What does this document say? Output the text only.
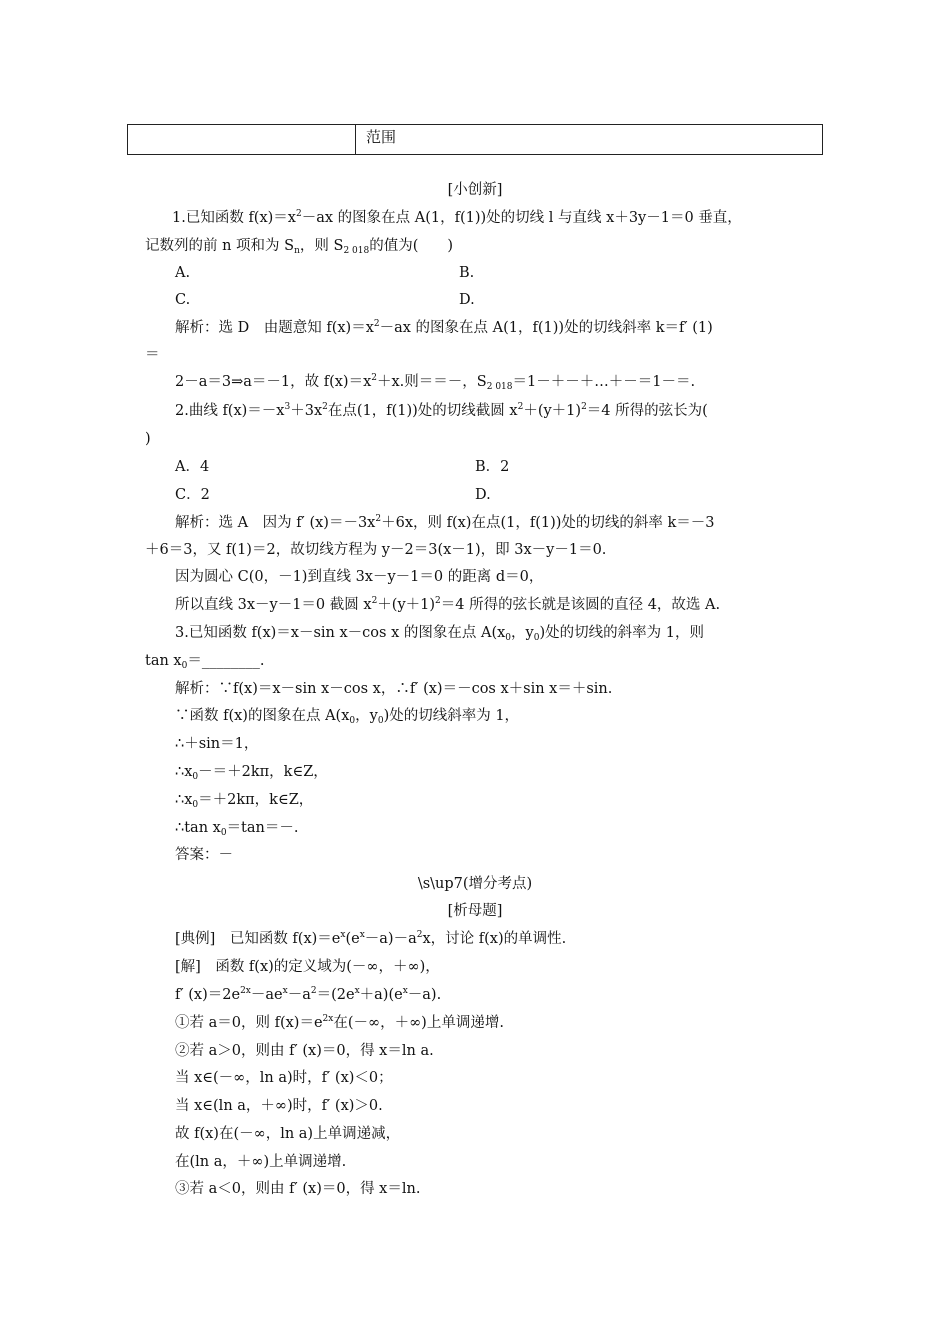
范围
[小创新]
1.已知函数 $f(x)=x^2-ax$ 的图象在点 A(1，f(1))处的切线 l 与直线 x＋3y－1＝0 垂直，
记数列的前 n 项和为 $S_n$，则 $S_{2 018}$的值为(　　)
A.	B.
C.	D.
解析：选 D　由题意知 $f(x)=x^2-ax$ 的图象在点 A(1，f(1))处的切线斜率 k＝f′ (1)
＝
2－a＝3⇒a＝－1，故 $f(x)=x^2+x$.则＝＝－，$S_{2 018}=1-+-+\dots+-=1-=$.
2.曲线 $f(x)=-x^3+3x^2$在点(1，f(1))处的切线截圆 $x^2+(y+1)^2=4$ 所得的弦长为(
)
A．4	B．2
C．2	D.
解析：选 A　因为 f′ $(x)=-3x^2+6x$，则 f(x)在点(1，f(1))处的切线的斜率 k＝－3
＋6＝3，又 f(1)＝2，故切线方程为 y－2＝3(x－1)，即 3x－y－1＝0.
因为圆心 C(0，－1)到直线 3x－y－1＝0 的距离 d＝0，
所以直线 3x－y－1＝0 截圆 $x^2+(y+1)^2=4$ 所得的弦长就是该圆的直径 4，故选 A.
3.已知函数 f(x)＝x－sin x－cos x 的图象在点 $A(x_0$，$y_0$)处的切线的斜率为 1，则
$\tan x_0=\_\_\_\_\_\_\_\_$.
解析：∵f(x)＝x－sin x－cos x，∴f′ (x)＝－cos x＋sin x＝＋sin.
∵函数 f(x)的图象在点 $A(x_0$，$y_0$)处的切线斜率为 1，
∴＋sin＝1，
$\therefore x_0-=+2k\pi$，k∈Z，
$\therefore x_0=+2k\pi$，k∈Z，
∴tan $x_0=\tan=-$.
答案：－
\s\up7(增分考点)
[析母题]
[典例]　已知函数 $f(x)=e^x(e^x-a)-a^2x$，讨论 f(x)的单调性.
[解]　函数 f(x)的定义域为(－∞，＋∞)，
f′ $(x)=2e^{2x}-ae^x-a^2=(2e^x+a)(e^x-a)$.
①若 a＝0，则 $f(x)=e^{2x}$在(－∞，＋∞)上单调递增.
②若 a＞0，则由 f′ (x)＝0，得 x＝ln a.
当 x∈(－∞，ln a)时，f′ (x)＜0；
当 x∈(ln a，＋∞)时，f′ (x)＞0.
故 f(x)在(－∞，ln a)上单调递减，
在(ln a，＋∞)上单调递增.
③若 a＜0，则由 f′ (x)＝0，得 x＝ln.
